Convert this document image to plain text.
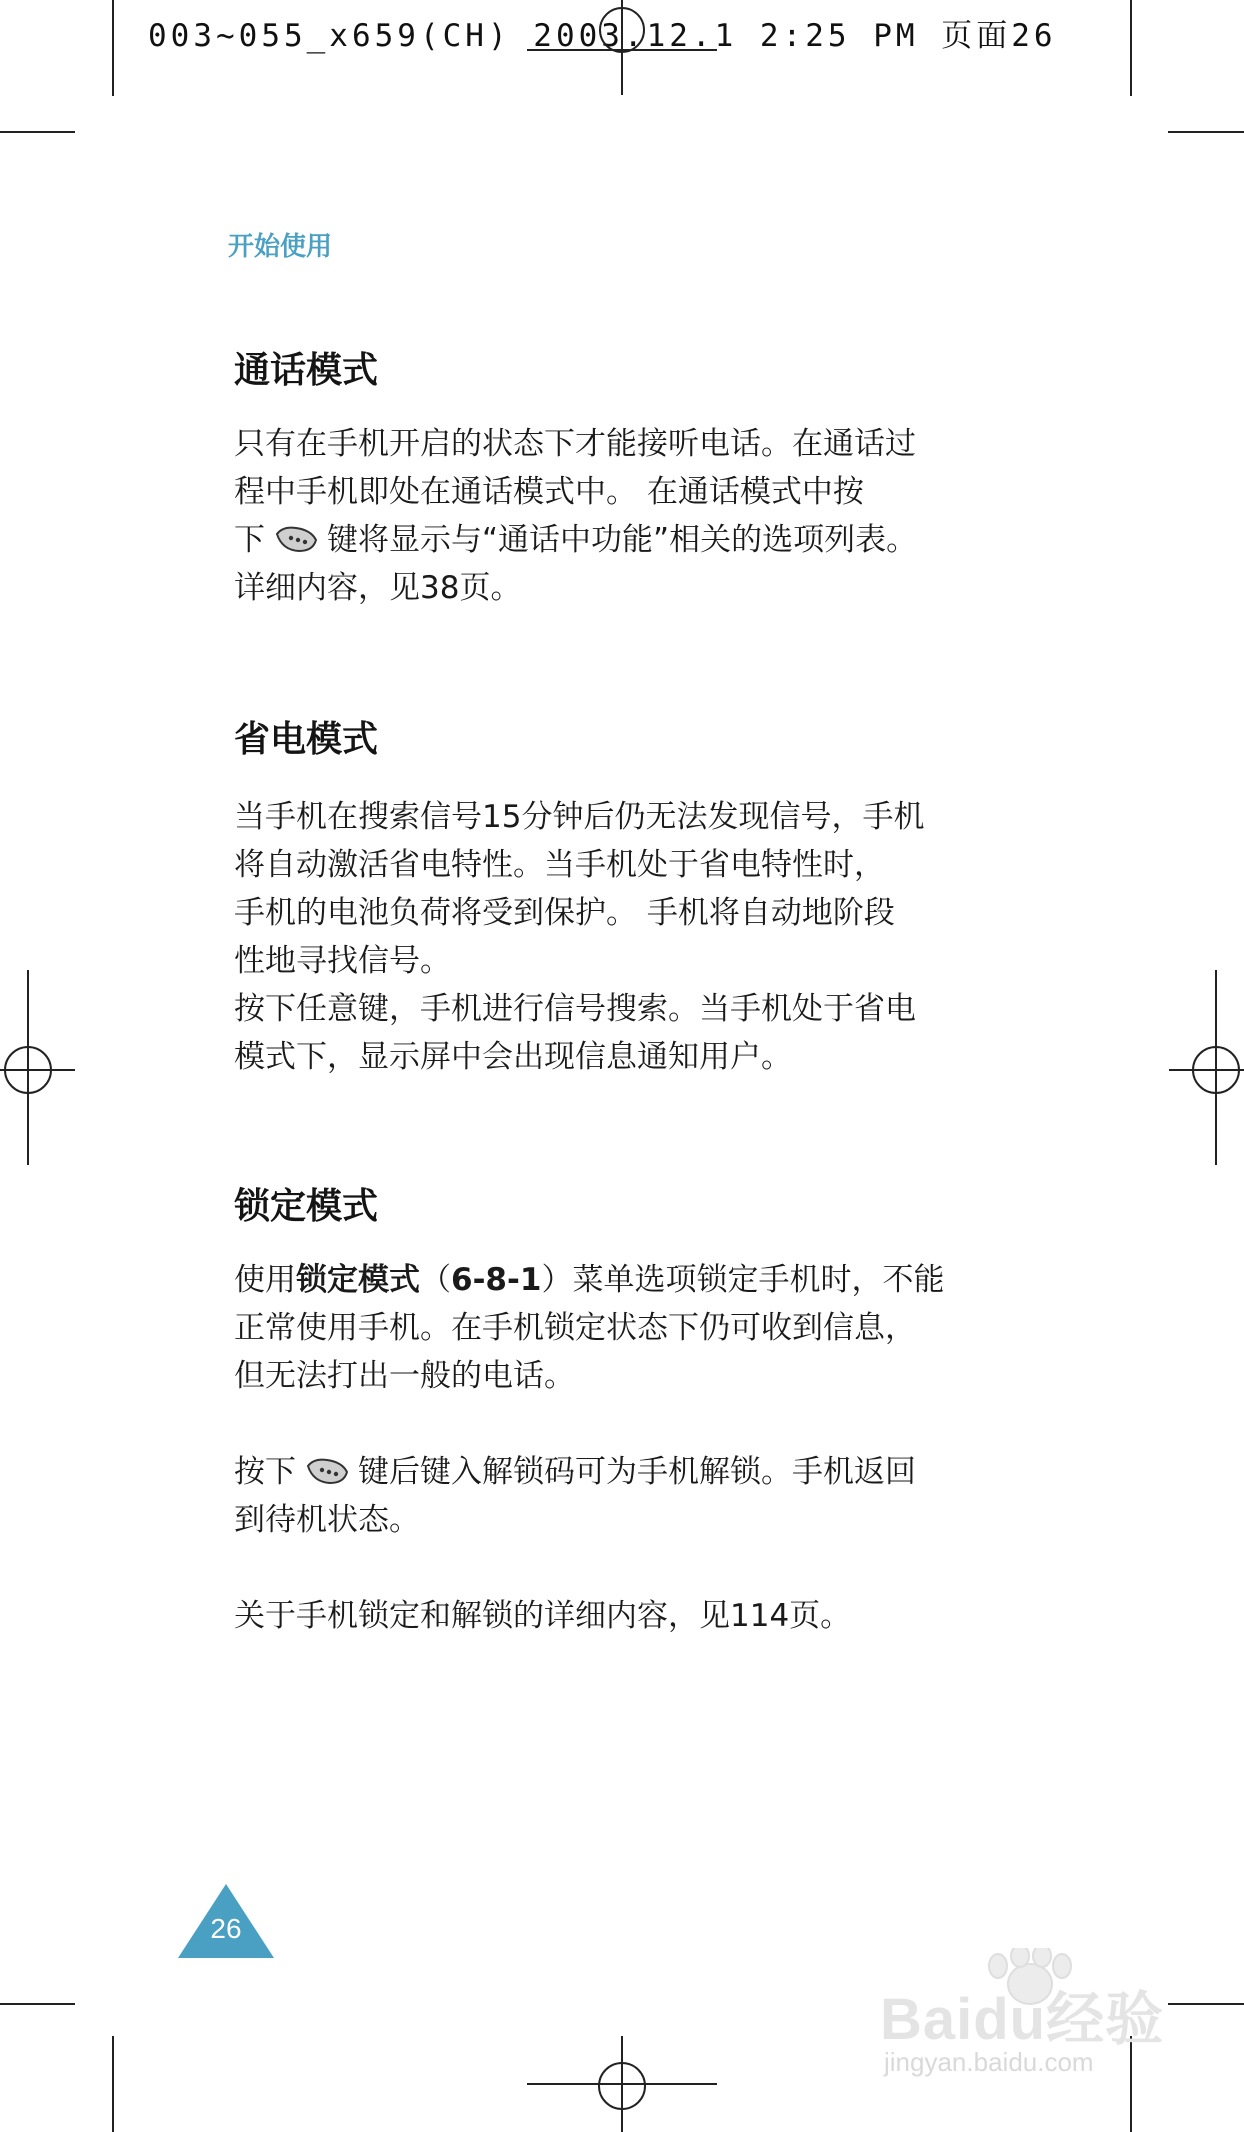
003~055_x659(CH) 2003.12.1 2:25 PM 页面26
开始使用
通话模式

只有在手机开启的状态下才能接听电话。在通话过

程中手机即处在通话模式中。 在通话模式中按

下 键将显示与“通话中功能”相关的选项列表。

详细内容，见38页。

省电模式

当手机在搜索信号15分钟后仍无法发现信号，手机

将自动激活省电特性。当手机处于省电特性时，

手机的电池负荷将受到保护。 手机将自动地阶段

性地寻找信号。

按下任意键，手机进行信号搜索。当手机处于省电

模式下，显示屏中会出现信息通知用户。

锁定模式

使用锁定模式（6-8-1）菜单选项锁定手机时，不能

正常使用手机。在手机锁定状态下仍可收到信息，

但无法打出一般的电话。

按下 键后键入解锁码可为手机解锁。手机返回

到待机状态。

关于手机锁定和解锁的详细内容，见114页。

26
Baidu经验
jingyan.baidu.com
